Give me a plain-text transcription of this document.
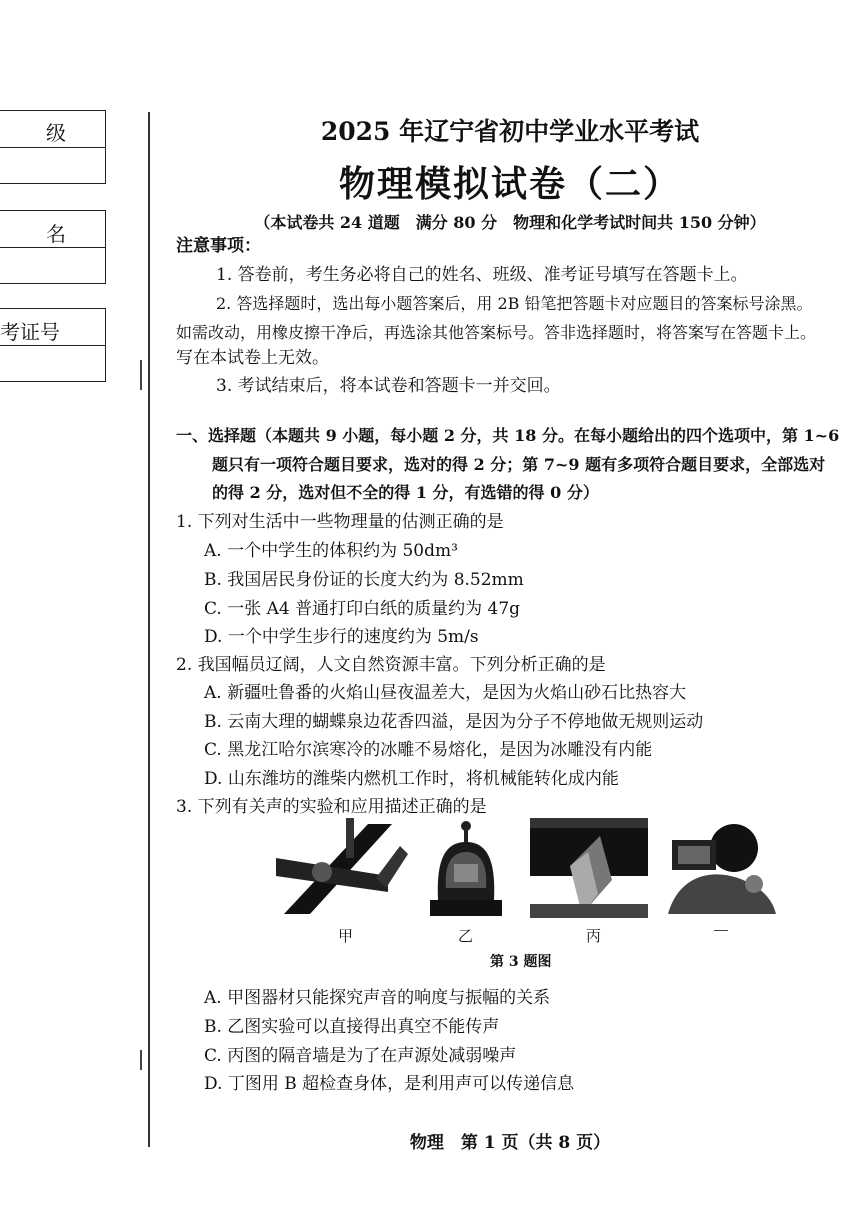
级
名
考证号
2025 年辽宁省初中学业水平考试
物理模拟试卷（二）
（本试卷共 24 道题　满分 80 分　物理和化学考试时间共 150 分钟）
注意事项：
1. 答卷前，考生务必将自己的姓名、班级、准考证号填写在答题卡上。
2. 答选择题时，选出每小题答案后，用 2B 铅笔把答题卡对应题目的答案标号涂黑。
如需改动，用橡皮擦干净后，再选涂其他答案标号。答非选择题时，将答案写在答题卡上。
写在本试卷上无效。
3. 考试结束后，将本试卷和答题卡一并交回。
一、选择题（本题共 9 小题，每小题 2 分，共 18 分。在每小题给出的四个选项中，第 1~6
题只有一项符合题目要求，选对的得 2 分；第 7~9 题有多项符合题目要求，全部选对
的得 2 分，选对但不全的得 1 分，有选错的得 0 分）
1. 下列对生活中一些物理量的估测正确的是
A. 一个中学生的体积约为 50dm³
B. 我国居民身份证的长度大约为 8.52mm
C. 一张 A4 普通打印白纸的质量约为 47g
D. 一个中学生步行的速度约为 5m/s
2. 我国幅员辽阔，人文自然资源丰富。下列分析正确的是
A. 新疆吐鲁番的火焰山昼夜温差大，是因为火焰山砂石比热容大
B. 云南大理的蝴蝶泉边花香四溢，是因为分子不停地做无规则运动
C. 黑龙江哈尔滨寒冷的冰雕不易熔化，是因为冰雕没有内能
D. 山东潍坊的潍柴内燃机工作时，将机械能转化成内能
3. 下列有关声的实验和应用描述正确的是
甲	乙	丙
第 3 题图
A. 甲图器材只能探究声音的响度与振幅的关系
B. 乙图实验可以直接得出真空不能传声
C. 丙图的隔音墙是为了在声源处减弱噪声
D. 丁图用 B 超检查身体，是利用声可以传递信息
物理　第 1 页（共 8 页）
